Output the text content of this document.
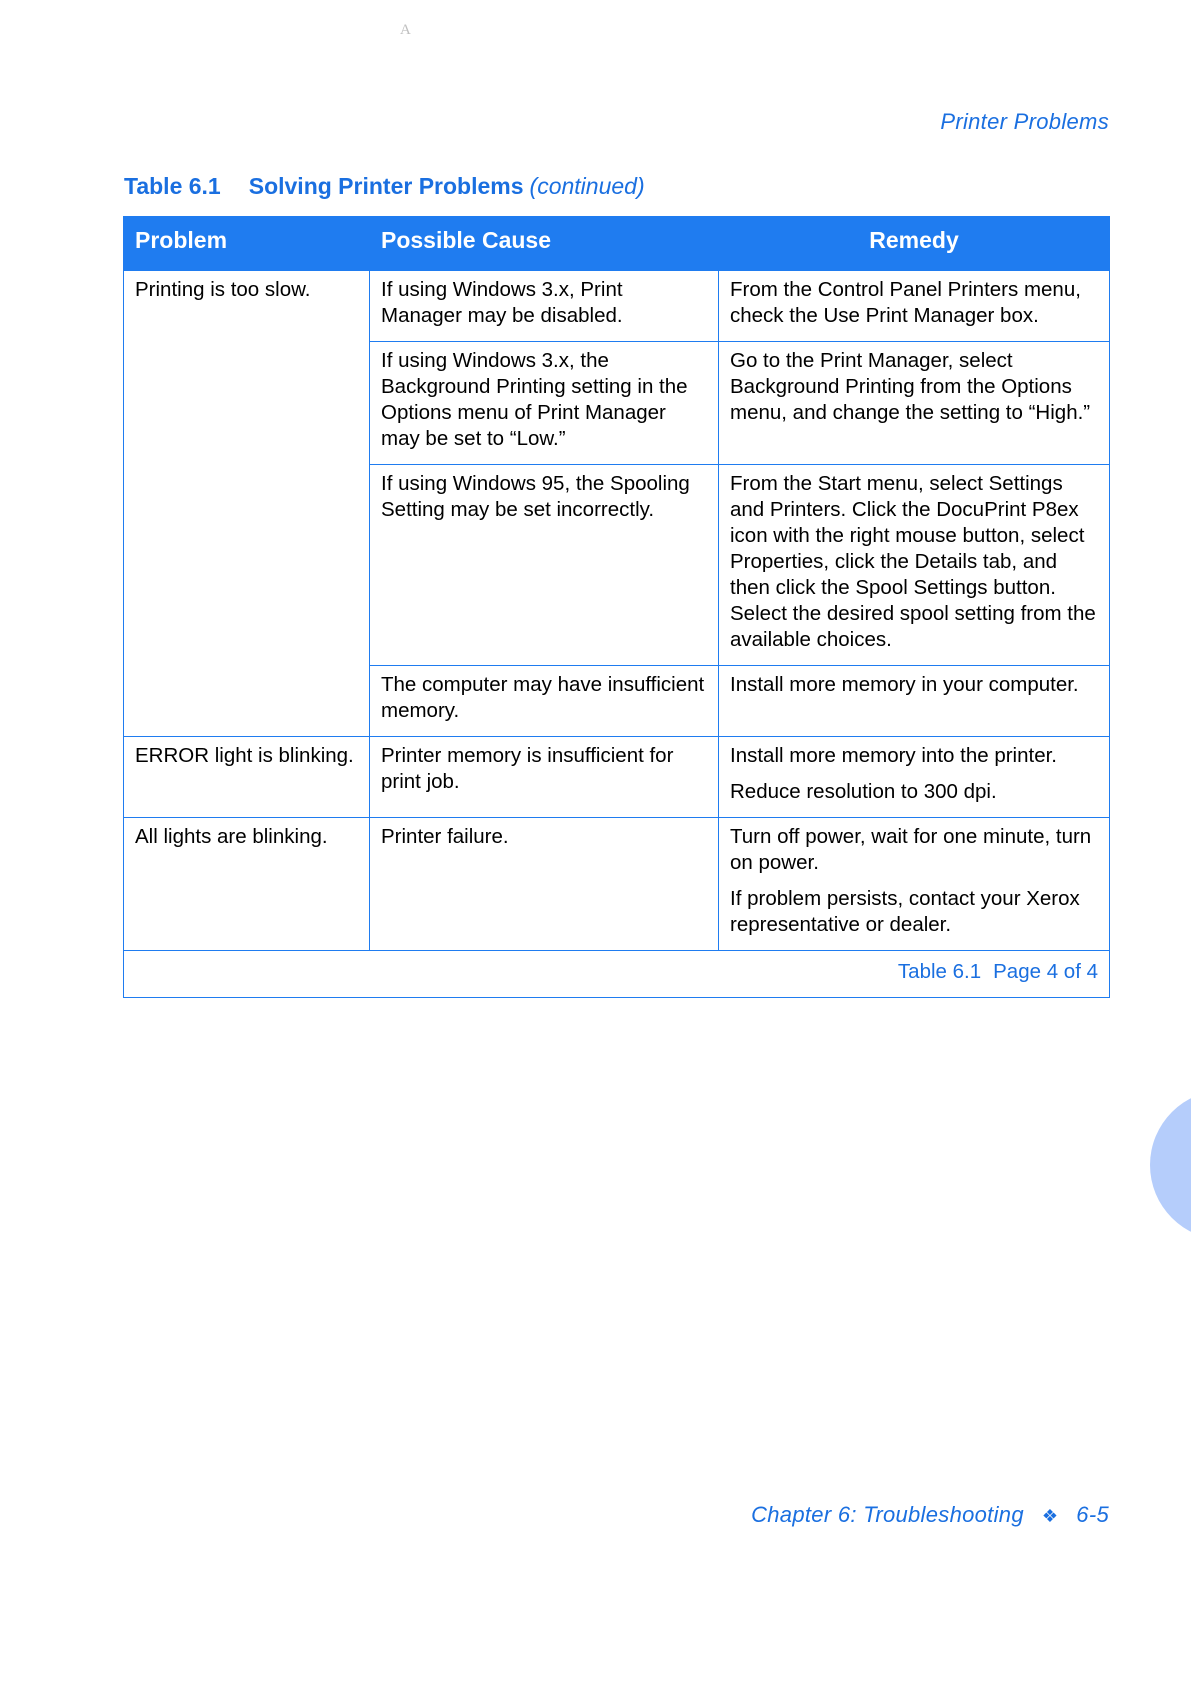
A
Printer Problems
Table 6.1 Solving Printer Problems (continued)
Problem	Possible Cause	Remedy
Printing is too slow.	If using Windows 3.x, Print Manager may be disabled.	From the Control Panel Printers menu, check the Use Print Manager box.

	If using Windows 3.x, the Background Printing setting in the Options menu of Print Manager may be set to “Low.”	Go to the Print Manager, select Background Printing from the Options menu, and change the setting to “High.”

	If using Windows 95, the Spooling Setting may be set incorrectly.	From the Start menu, select Settings and Printers. Click the DocuPrint P8ex icon with the right mouse button, select Properties, click the Details tab, and then click the Spool Settings button. Select the desired spool setting from the available choices.

	The computer may have insufficient memory.	Install more memory in your computer.

ERROR light is blinking.	Printer memory is insufficient for print job.	Install more memory into the printer.

Reduce resolution to 300 dpi.

All lights are blinking.	Printer failure.	Turn off power, wait for one minute, turn on power.

If problem persists, contact your Xerox representative or dealer.

Table 6.1 Page 4 of 4		
Chapter 6: Troubleshooting ❖ 6-5
